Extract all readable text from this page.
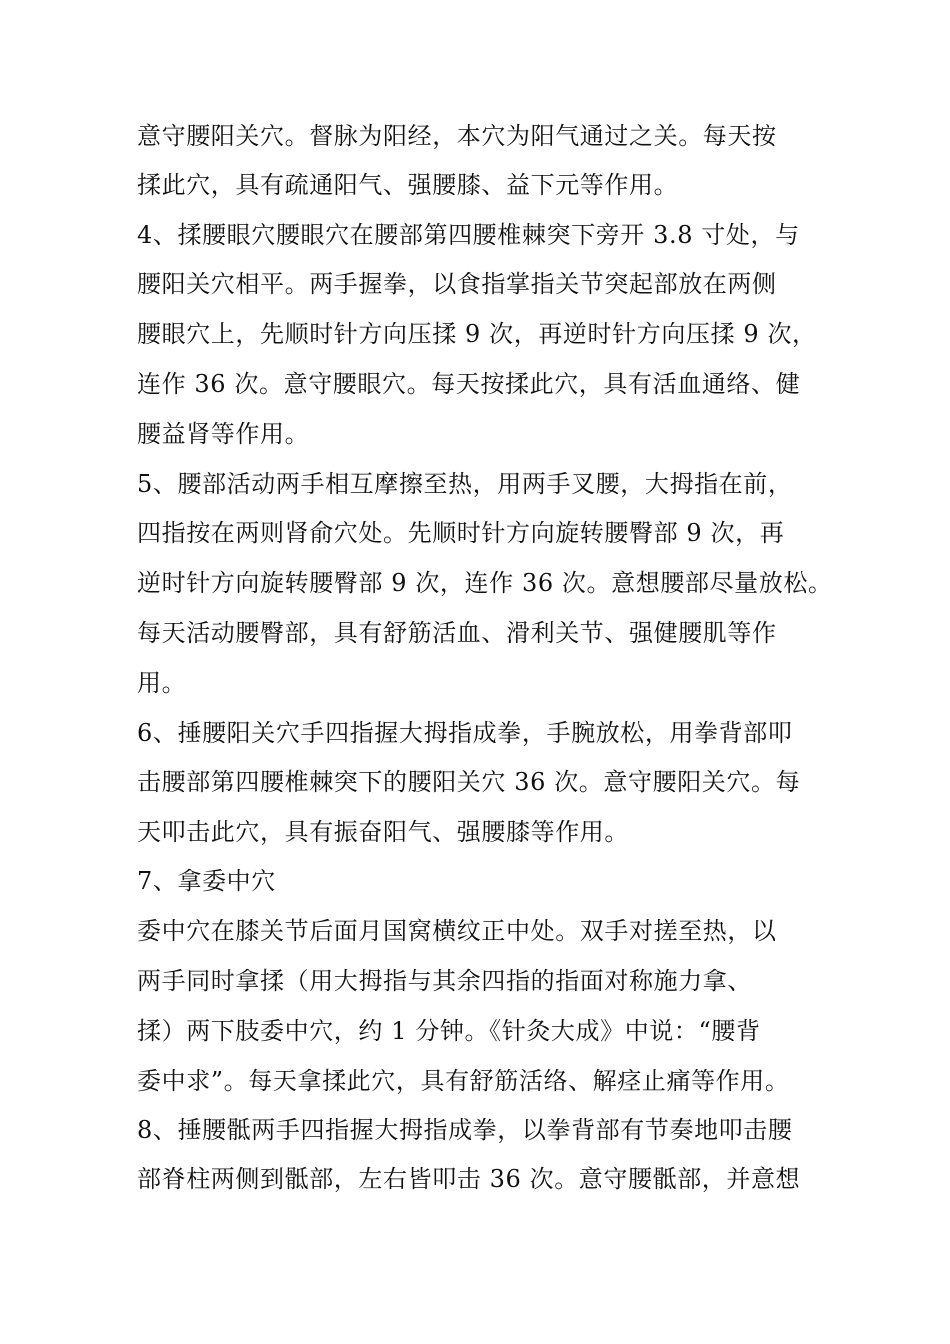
意守腰阳关穴。督脉为阳经，本穴为阳气通过之关。每天按
揉此穴，具有疏通阳气、强腰膝、益下元等作用。
4、揉腰眼穴腰眼穴在腰部第四腰椎棘突下旁开 3.8 寸处，与
腰阳关穴相平。两手握拳，以食指掌指关节突起部放在两侧
腰眼穴上，先顺时针方向压揉 9 次，再逆时针方向压揉 9 次，
连作 36 次。意守腰眼穴。每天按揉此穴，具有活血通络、健
腰益肾等作用。
5、腰部活动两手相互摩擦至热，用两手叉腰，大拇指在前，
四指按在两则肾俞穴处。先顺时针方向旋转腰臀部 9 次，再
逆时针方向旋转腰臀部 9 次，连作 36 次。意想腰部尽量放松。
每天活动腰臀部，具有舒筋活血、滑利关节、强健腰肌等作
用。
6、捶腰阳关穴手四指握大拇指成拳，手腕放松，用拳背部叩
击腰部第四腰椎棘突下的腰阳关穴 36 次。意守腰阳关穴。每
天叩击此穴，具有振奋阳气、强腰膝等作用。
7、拿委中穴
委中穴在膝关节后面月国窝横纹正中处。双手对搓至热，以
两手同时拿揉（用大拇指与其余四指的指面对称施力拿、
揉）两下肢委中穴，约 1 分钟。《针灸大成》中说：“腰背
委中求”。每天拿揉此穴，具有舒筋活络、解痉止痛等作用。
8、捶腰骶两手四指握大拇指成拳，以拳背部有节奏地叩击腰
部脊柱两侧到骶部，左右皆叩击 36 次。意守腰骶部，并意想
